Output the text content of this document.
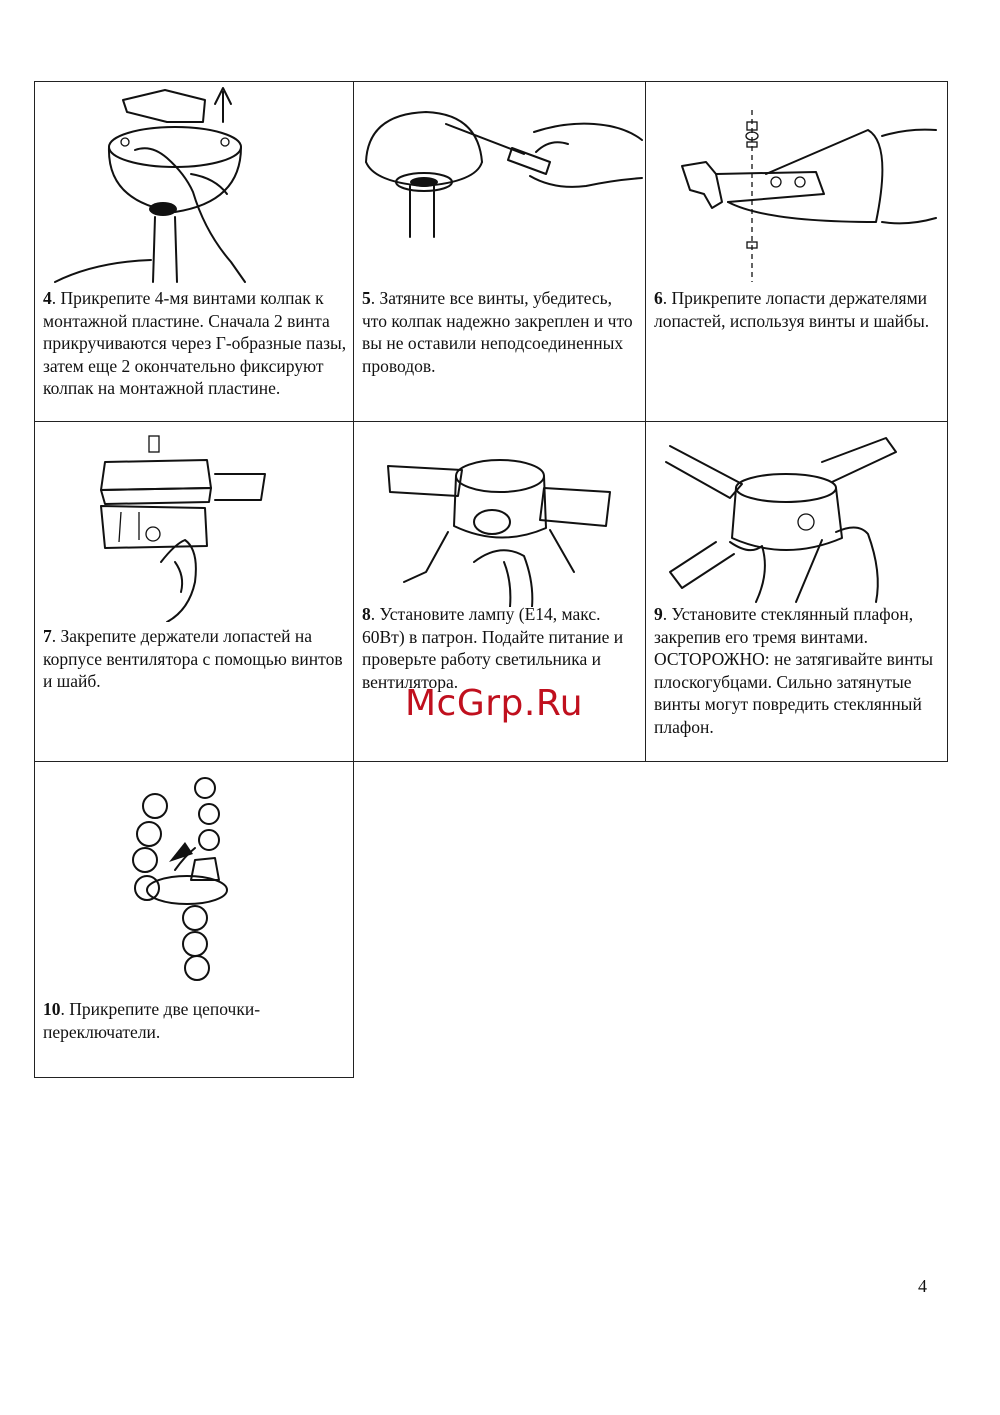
4. Прикрепите 4-мя винтами колпак к монтажной пластине. Сначала 2 винта прикручиваются через Г-образные пазы, затем еще 2 окончательно фиксируют колпак на монтажной пластине.
5. Затяните все винты, убедитесь, что колпак надежно закреплен и что вы не оставили неподсоединенных проводов.
6. Прикрепите лопасти держателями лопастей, используя винты и шайбы.
7. Закрепите держатели лопастей на корпусе вентилятора с помощью винтов и шайб.
8. Установите лампу (E14, макс. 60Вт) в патрон. Подайте питание и проверьте работу светильника и вентилятора.
9. Установите стеклянный плафон, закрепив его тремя винтами. ОСТОРОЖНО: не затягивайте винты плоскогубцами. Сильно затянутые винты могут повредить стеклянный плафон.
10. Прикрепите две цепочки-переключатели.
McGrp.Ru
4
